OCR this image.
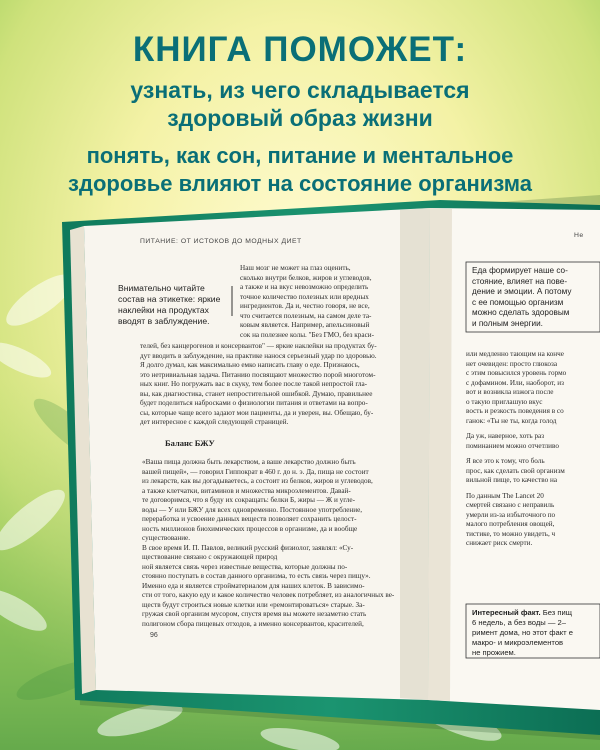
КНИГА ПОМОЖЕТ:
узнать, из чего складывается
здоровый образ жизни
понять, как сон, питание и ментальное
здоровье влияют на состояние организма
ПИТАНИЕ: ОТ ИСТОКОВ ДО МОДНЫХ ДИЕТ
Внимательно читайте
состав на этикетке: яркие
наклейки на продуктах
вводят в заблуждение.
Наш мозг не может на глаз оценить,
сколько внутри белков, жиров и углеводов,
а также и на вкус невозможно определить
точное количество полезных или вредных
ингредиентов. Да и, честно говоря, не все,
что считается полезным, на самом деле та-
ковым является. Например, апельсиновый
сок на полезнее колы. "Без ГМО, без краси-
телей, без канцерогенов и консервантов" — яркие наклейки на продуктах бу-
дут вводить в заблуждение, на практике нанося серьезный удар по здоровью.
Я долго думал, как максимально емко написать главу о еде. Признаюсь,
это нетривиальная задача. Питанию посвящают множество порой многотом-
ных книг. Но погружать вас в скуку, тем более после такой непростой гла-
вы, как диагностика, станет непростительной ошибкой. Думаю, правильнее
будет поделиться набросками о физиологии питания и ответами на вопро-
сы, которые чаще всего задают мои пациенты, да и уверен, вы. Обещаю, бу-
дет интересное с каждой следующей страницей.
Баланс БЖУ
«Ваша пища должна быть лекарством, а ваше лекарство должно быть
вашей пищей», — говорил Гиппократ в 460 г. до н. э. Да, пища не состоит
из лекарств, как вы догадываетесь, а состоит из белков, жиров и углеводов,
а также клетчатки, витаминов и множества микроэлементов. Давай-
те договоримся, что я буду их сокращать: белки Б, жиры — Ж и угле-
воды — У или БЖУ для всех одновременно. Постоянное употребление,
переработка и усвоение данных веществ позволяет сохранить целост-
ность миллионов биохимических процессов в организме, да и вообще
существование.
В свое время И. П. Павлов, великий русский физиолог, заявлял: «Су-
ществование связано с окружающей природ
ной является связь через известные вещества, которые должны по-
стоянно поступать в состав данного организма, то есть связь через пищу».
Именно еда и является стройматериалом для наших клеток. В зависимо-
сти от того, какую еду и какое количество человек потребляет, из аналогичных ве-
ществ будут строиться новые клетки или «ремонтироваться» старые. За-
гружая свой организм мусором, спустя время вы можете незаметно стать
полигоном сбора пищевых отходов, а именно консервантов, красителей,
96
Не
Еда формирует наше со-
стояние, влияет на пове-
дение и эмоции. А потому
с ее помощью организм
можно сделать здоровым
и полным энергии.
или медленно тающим на конче
нет очевиден: просто глюкоза
с этим повысился уровень гормо
с дофамином. Или, наоборот, из
вот и возникла изжога после
о такую приглашую вкус
вость и резкость поведения в со
ганок: «Ты не ты, когда голод
Да уж, наверное, хоть раз
поминанием можно отчетливо
Я все это к тому, что боль
прос, как сделать свой организм
вильной пище, то качество на
По данным The Lancet 20
смертей связано с неправиль
умерли из-за избыточного по
малого потребления овощей,
тистике, то можно увидеть, ч
снижает риск смерти.
Интересный факт. Без пищ
6 недель, а без воды — 2–
римент дома, но этот факт е
макро- и микроэлементов
не прожием.
